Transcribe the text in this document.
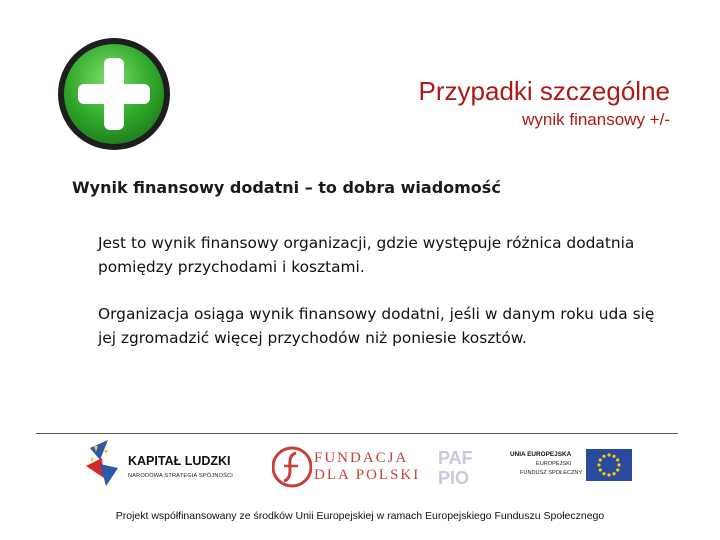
Przypadki szczególne
wynik finansowy +/-
Wynik finansowy dodatni – to dobra wiadomość
Jest to wynik finansowy organizacji, gdzie występuje różnica dodatnia pomiędzy przychodami i kosztami.
Organizacja osiąga wynik finansowy dodatni, jeśli w danym roku uda się jej zgromadzić więcej przychodów niż poniesie kosztów.
KAPITAŁ LUDZKI
NARODOWA STRATEGIA SPÓJNOŚCI
FUNDACJA
DLA POLSKI
PAF
PIO
UNIA EUROPEJSKA
EUROPEJSKI
FUNDUSZ SPOŁECZNY
Projekt współfinansowany ze środków Unii Europejskiej w ramach Europejskiego Funduszu Społecznego
